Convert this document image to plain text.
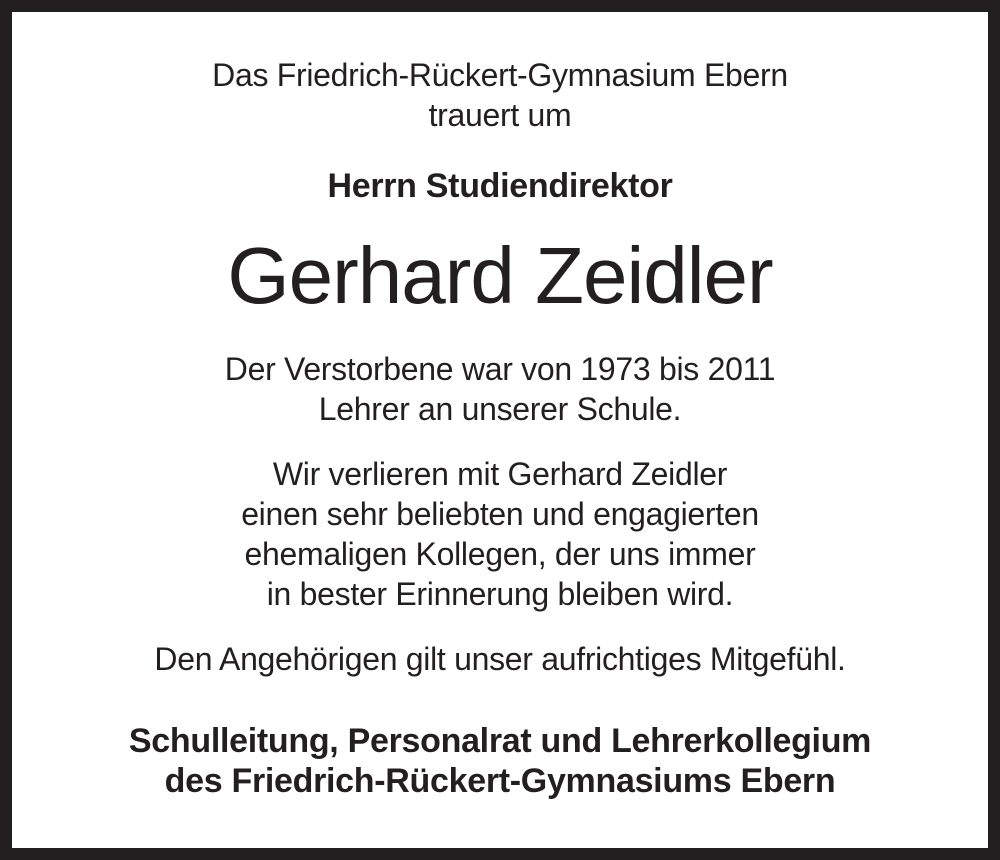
Das Friedrich-Rückert-Gymnasium Ebern
trauert um
Herrn Studiendirektor
Gerhard Zeidler
Der Verstorbene war von 1973 bis 2011
Lehrer an unserer Schule.
Wir verlieren mit Gerhard Zeidler
einen sehr beliebten und engagierten
ehemaligen Kollegen, der uns immer
in bester Erinnerung bleiben wird.
Den Angehörigen gilt unser aufrichtiges Mitgefühl.
Schulleitung, Personalrat und Lehrerkollegium
des Friedrich-Rückert-Gymnasiums Ebern
